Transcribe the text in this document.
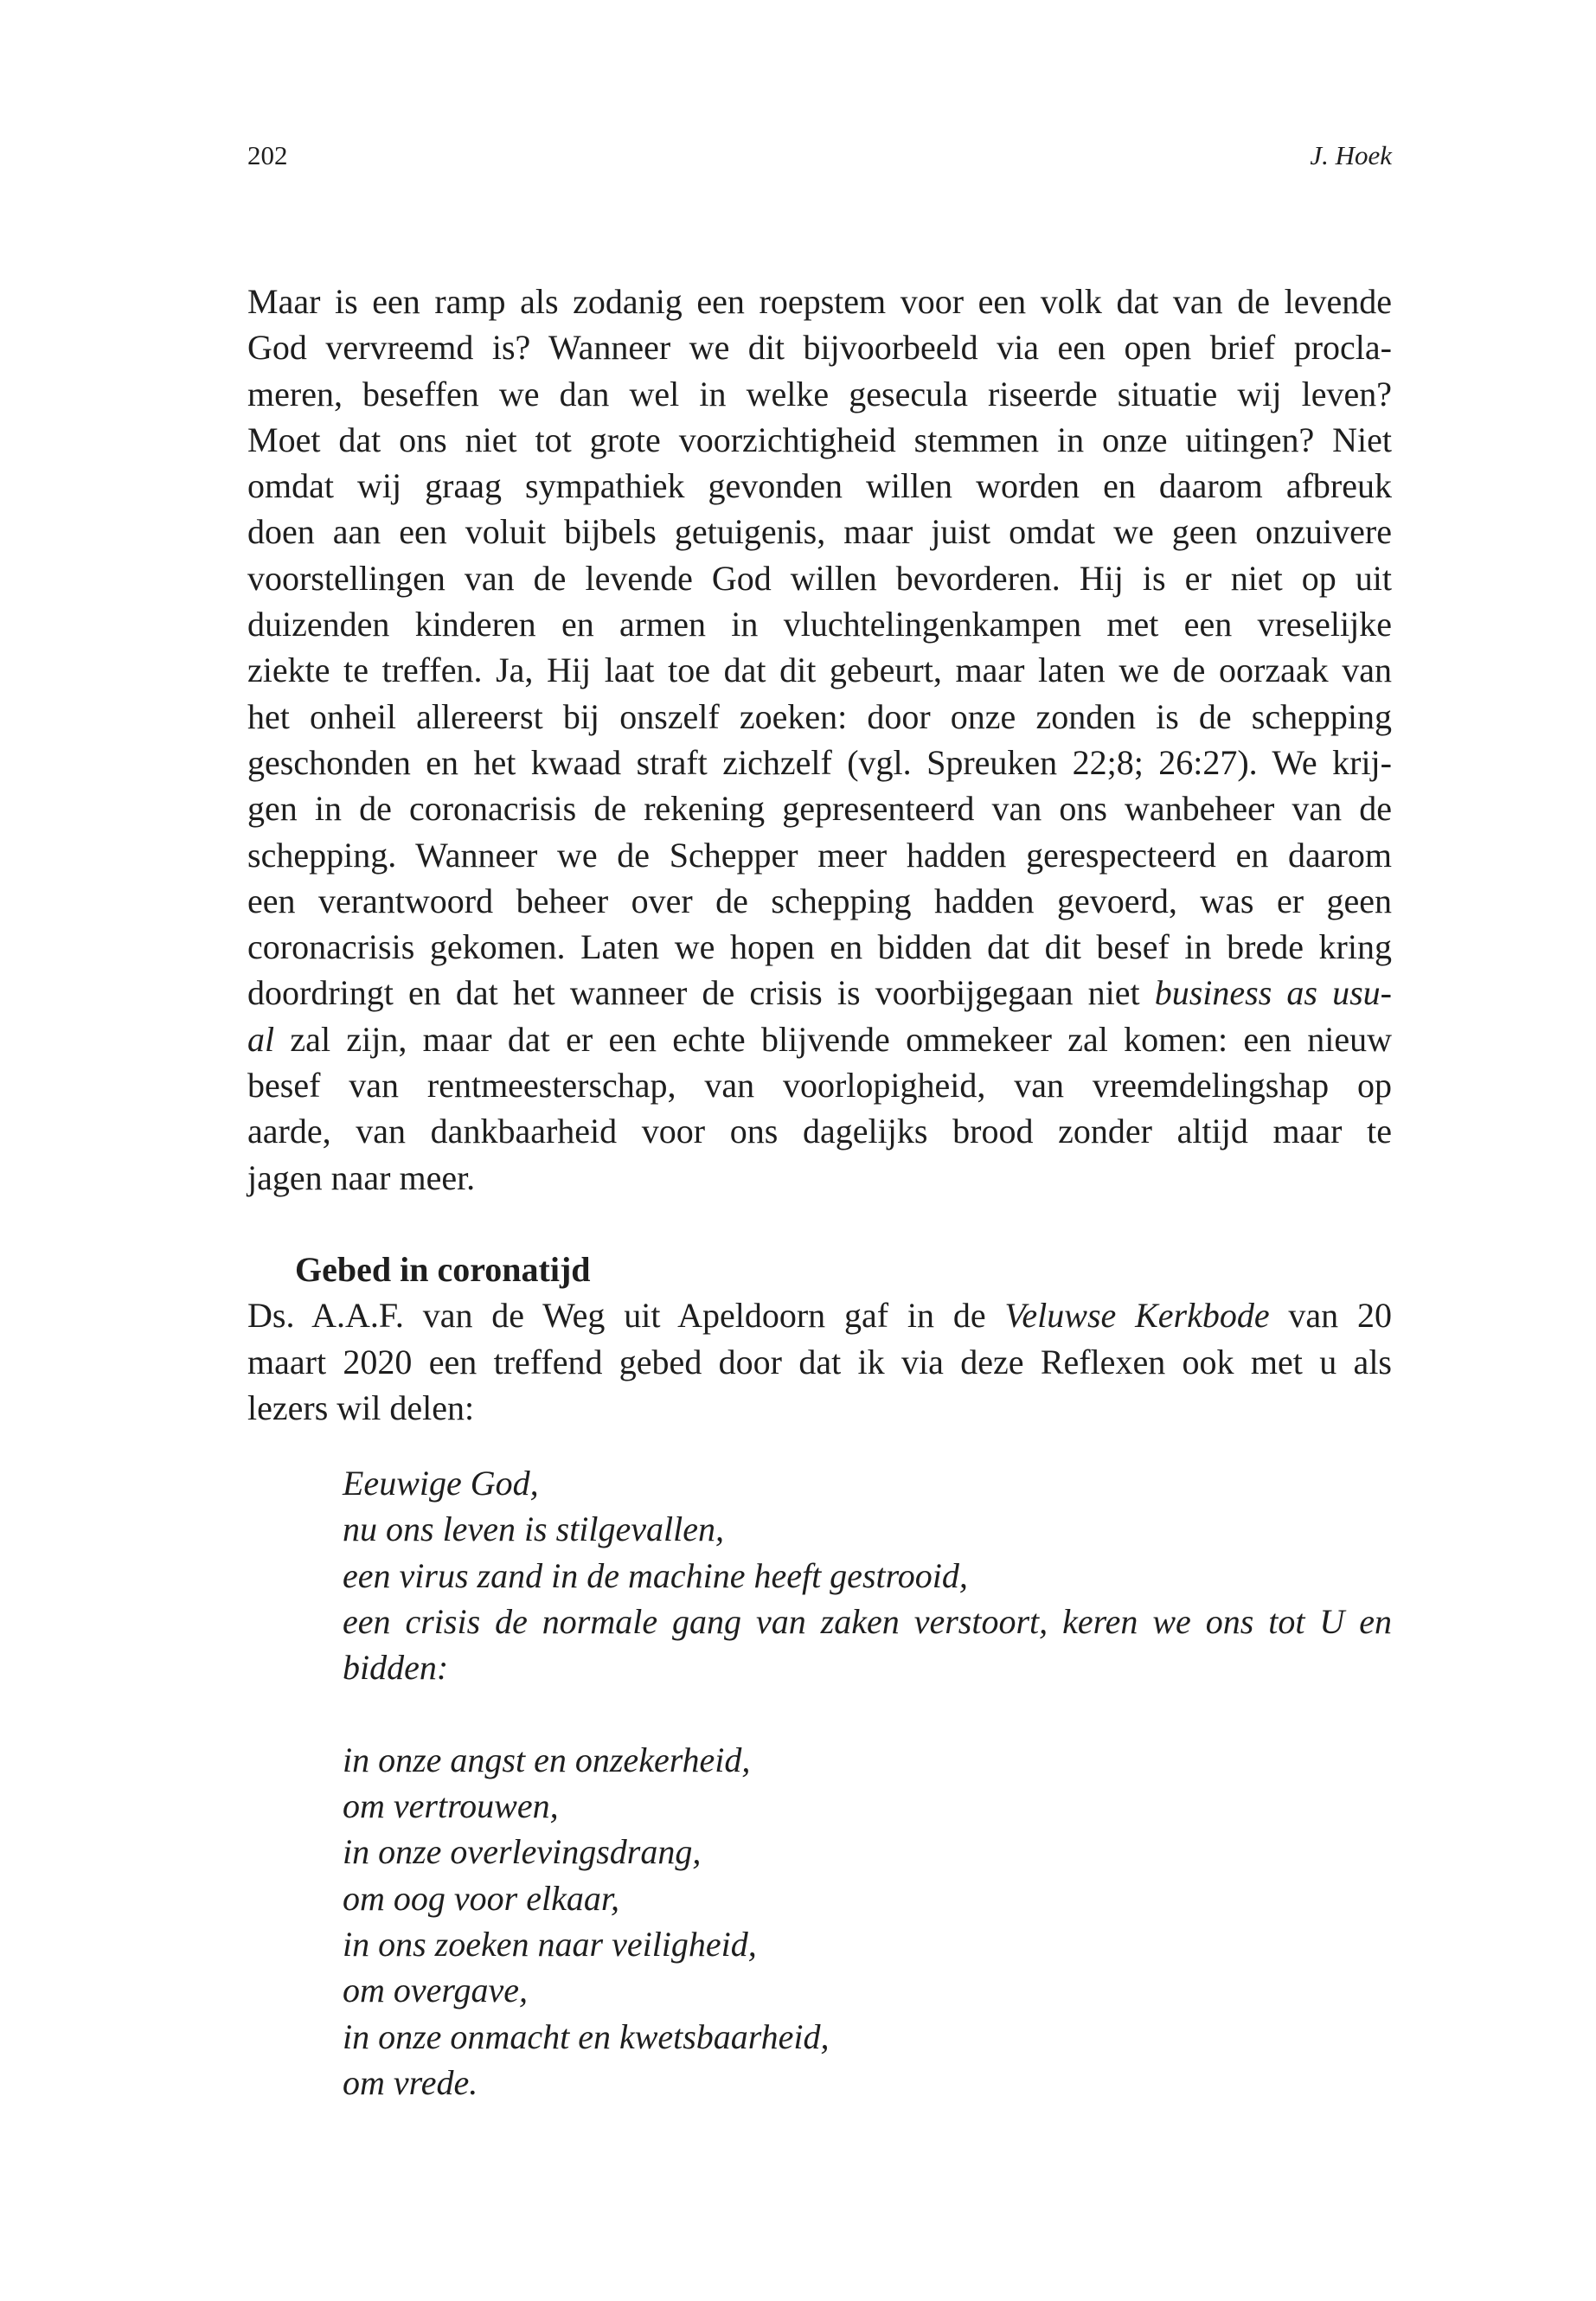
202	J. Hoek
Maar is een ramp als zodanig een roepstem voor een volk dat van de levende
God vervreemd is? Wanneer we dit bijvoorbeeld via een open brief procla-
meren, beseffen we dan wel in welke gesecula riseerde situatie wij leven?
Moet dat ons niet tot grote voorzichtigheid stemmen in onze uitingen? Niet
omdat wij graag sympathiek gevonden willen worden en daarom afbreuk
doen aan een voluit bijbels getuigenis, maar juist omdat we geen onzuivere
voorstellingen van de levende God willen bevorderen. Hij is er niet op uit
duizenden kinderen en armen in vluchtelingenkampen met een vreselijke
ziekte te treffen. Ja, Hij laat toe dat dit gebeurt, maar laten we de oorzaak van
het onheil allereerst bij onszelf zoeken: door onze zonden is de schepping
geschonden en het kwaad straft zichzelf (vgl. Spreuken 22;8; 26:27). We krij-
gen in de coronacrisis de rekening gepresenteerd van ons wanbeheer van de
schepping. Wanneer we de Schepper meer hadden gerespecteerd en daarom
een verantwoord beheer over de schepping hadden gevoerd, was er geen
coronacrisis gekomen. Laten we hopen en bidden dat dit besef in brede kring
doordringt en dat het wanneer de crisis is voorbijgegaan niet business as usu-
al zal zijn, maar dat er een echte blijvende ommekeer zal komen: een nieuw
besef van rentmeesterschap, van voorlopigheid, van vreemdelingshap op
aarde, van dankbaarheid voor ons dagelijks brood zonder altijd maar te
jagen naar meer.
Gebed in coronatijd
Ds. A.A.F. van de Weg uit Apeldoorn gaf in de Veluwse Kerkbode van 20
maart 2020 een treffend gebed door dat ik via deze Reflexen ook met u als
lezers wil delen:
Eeuwige God,
nu ons leven is stilgevallen,
een virus zand in de machine heeft gestrooid,
een crisis de normale gang van zaken verstoort, keren we ons tot U en
bidden:
in onze angst en onzekerheid,
om vertrouwen,
in onze overlevingsdrang,
om oog voor elkaar,
in ons zoeken naar veiligheid,
om overgave,
in onze onmacht en kwetsbaarheid,
om vrede.
